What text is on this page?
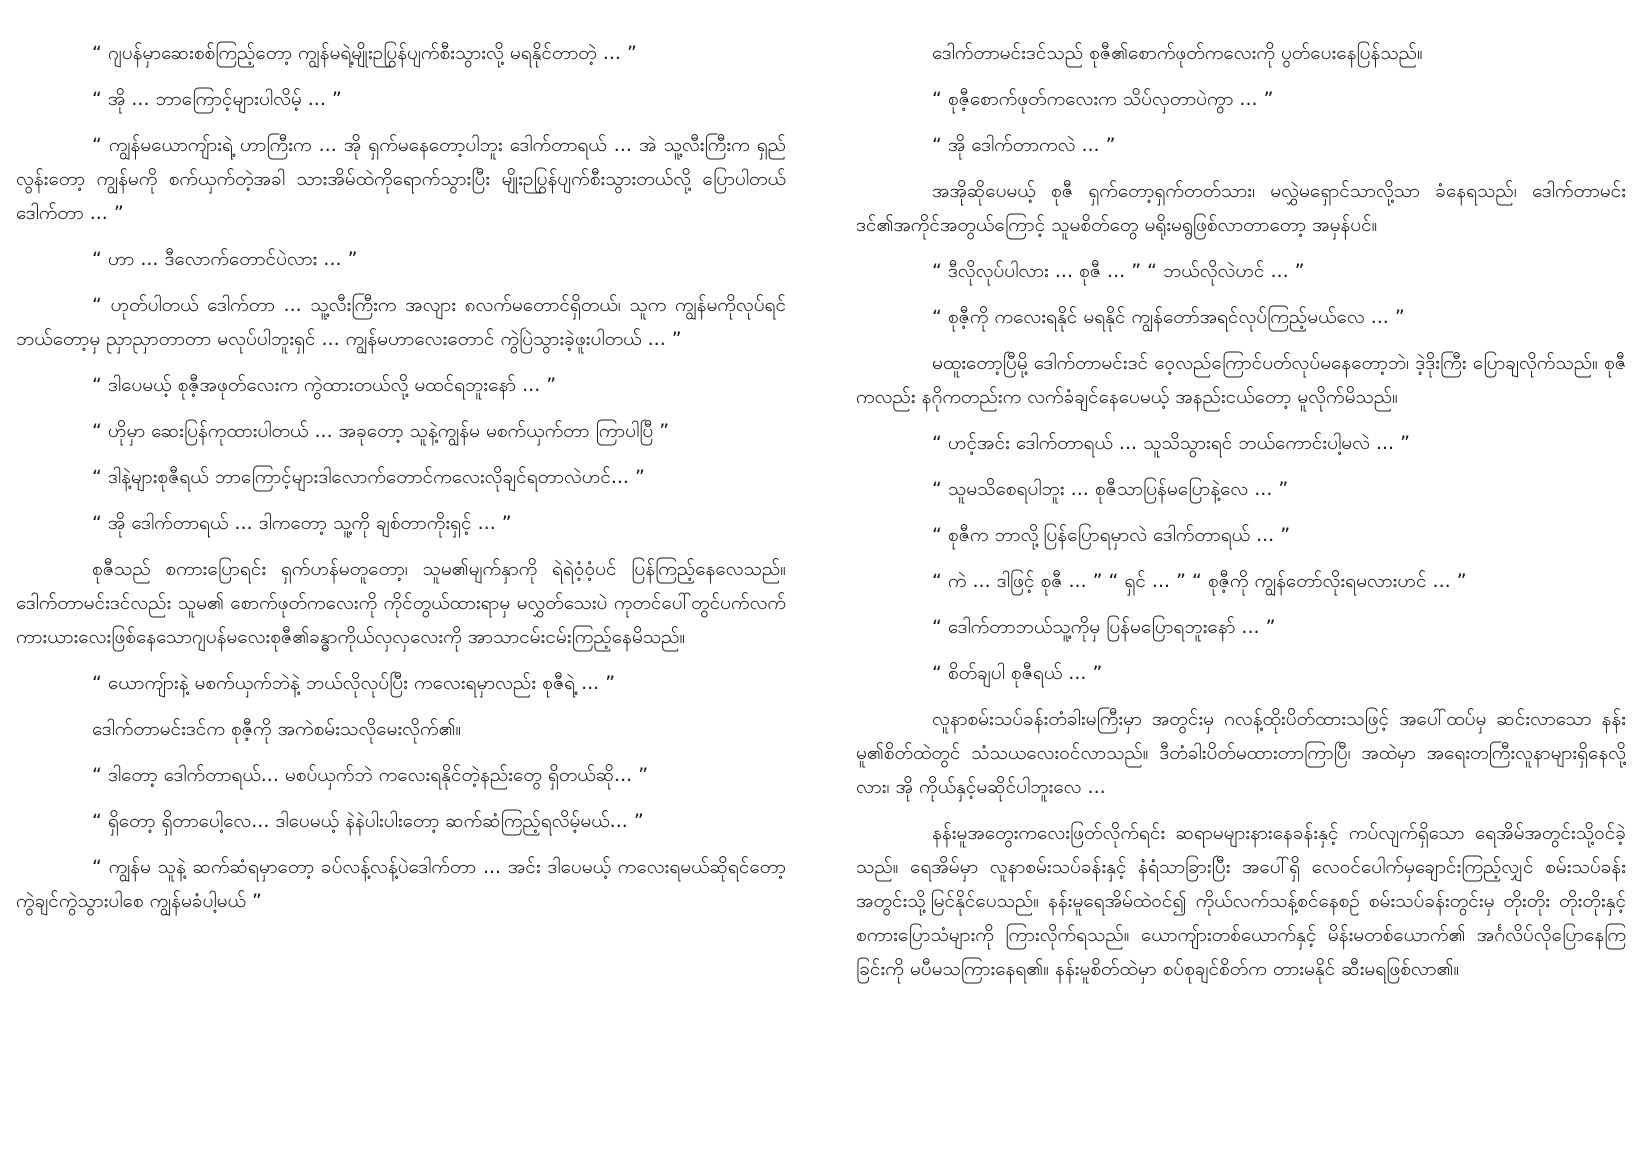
“ ဂျပန်မှာဆေးစစ်ကြည့်တော့ ကျွန်မရဲ့မျိုးဉပြွန်ပျက်စီးသွားလို့ မရနိုင်တာတဲ့ ... ”

“ အို ... ဘာကြောင့်များပါလိမ့် ... ”

“ ကျွန်မယောကျ်ားရဲ့ ဟာကြီးက ... အို ရှက်မနေတော့ပါဘူး ဒေါက်တာရယ် ... အဲ သူ့လီးကြီးက ရှည်လွန်းတော့ ကျွန်မကို စက်ယှက်တဲ့အခါ သားအိမ်ထဲကိုရောက်သွားပြီး မျိုးဉပြွန်ပျက်စီးသွားတယ်လို့ ပြောပါတယ် ဒေါက်တာ ... ”

“ ဟာ ... ဒီလောက်တောင်ပဲလား ... ”

“ ဟုတ်ပါတယ် ဒေါက်တာ ... သူ့လီးကြီးက အလျား ၈လက်မတောင်ရှိတယ်၊ သူက ကျွန်မကိုလုပ်ရင် ဘယ်တော့မှ ညှာညှာတာတာ မလုပ်ပါဘူးရှင် ... ကျွန်မဟာလေးတောင် ကွဲပြဲသွားခဲ့ဖူးပါတယ် ... ”

“ ဒါပေမယ့် စုဇီ့အဖုတ်လေးက ကွဲထားတယ်လို့ မထင်ရဘူးနော် ... ”

“ ဟိုမှာ ဆေးပြန်ကုထားပါတယ် ... အခုတော့ သူနဲ့ကျွန်မ မစက်ယှက်တာ ကြာပါပြီ ”

“ ဒါနဲ့များစုဇီရယ် ဘာကြောင့်များဒါလောက်တောင်ကလေးလိုချင်ရတာလဲဟင်... ”

“ အို ဒေါက်တာရယ် ... ဒါကတော့ သူ့ကို ချစ်တာကိုးရှင့် ... ”

စုဇီသည် စကားပြောရင်း ရှက်ဟန်မတူတော့၊ သူမ၏မျက်နှာကို ရဲရဲဝံ့ဝံ့ပင် ပြန်ကြည့်နေလေသည်။ ဒေါက်တာမင်းဒင်လည်း သူမ၏ စောက်ဖုတ်ကလေးကို ကိုင်တွယ်ထားရာမှ မလွှတ်သေးပဲ ကုတင်ပေါ်တွင်ပက်လက်ကားယားလေးဖြစ်နေသောဂျပန်မလေးစုဇီ၏ခန္ဓာကိုယ်လှလှလေးကို အာသာငမ်းငမ်းကြည့်နေမိသည်။

“ ယောကျ်ားနဲ့ မစက်ယှက်ဘဲနဲ့ ဘယ်လိုလုပ်ပြီး ကလေးရမှာလည်း စုဇီရဲ့ ... ”

ဒေါက်တာမင်းဒင်က စုဇီ့ကို အကဲစမ်းသလိုမေးလိုက်၏။

“ ဒါတော့ ဒေါက်တာရယ်... မစပ်ယှက်ဘဲ ကလေးရနိုင်တဲ့နည်းတွေ ရှိတယ်ဆို... ”

“ ရှိတော့ ရှိတာပေါ့လေ... ဒါပေမယ့် နဲနဲပါးပါးတော့ ဆက်ဆံကြည့်ရလိမ့်မယ်... ”

“ ကျွန်မ သူနဲ့ ဆက်ဆံရမှာတော့ ခပ်လန့်လန့်ပဲဒေါက်တာ ... အင်း ဒါပေမယ့် ကလေးရမယ်ဆိုရင်တော့ ကွဲချင်ကွဲသွားပါစေ ကျွန်မခံပါ့မယ် ”

ဒေါက်တာမင်းဒင်သည် စုဇီ၏စောက်ဖုတ်ကလေးကို ပွတ်ပေးနေပြန်သည်။

“ စုဇီ့စောက်ဖုတ်ကလေးက သိပ်လှတာပဲကွာ ... ”

“ အို ဒေါက်တာကလဲ ... ”

အအိုဆိုပေမယ့် စုဇီ ရှက်တော့ရှက်တတ်သား၊ မလွှဲမရှောင်သာလို့သာ ခံနေရသည်၊ ဒေါက်တာမင်းဒင်၏အကိုင်အတွယ်ကြောင့် သူမစိတ်တွေ မရိုးမရွဖြစ်လာတာတော့ အမှန်ပင်။

“ ဒီလိုလုပ်ပါလား ... စုဇီ ... ” “ ဘယ်လိုလဲဟင် ... ”

“ စုဇီ့ကို ကလေးရနိုင် မရနိုင် ကျွန်တော်အရင်လုပ်ကြည့်မယ်လေ ... ”

မထူးတော့ပြီမို့ ဒေါက်တာမင်းဒင် ဝေ့လည်ကြောင်ပတ်လုပ်မနေတော့ဘဲ၊ ဒဲ့ဒိုးကြီး ပြောချလိုက်သည်။ စုဇီကလည်း နဂိုကတည်းက လက်ခံချင်နေပေမယ့် အနည်းငယ်တော့ မူလိုက်မိသည်။

“ ဟင့်အင်း ဒေါက်တာရယ် ... သူသိသွားရင် ဘယ်ကောင်းပါ့မလဲ ... ”

“ သူမသိစေရပါဘူး ... စုဇီသာပြန်မပြောနဲ့လေ ... ”

“ စုဇီက ဘာလို့ပြန်ပြောရမှာလဲ ဒေါက်တာရယ် ... ”

“ ကဲ ... ဒါဖြင့် စုဇီ ... ” “ ရှင် ... ” “ စုဇီ့ကို ကျွန်တော်လိုးရမလားဟင် ... ”

“ ဒေါက်တာဘယ်သူ့ကိုမှ ပြန်မပြောရဘူးနော် ... ”

“ စိတ်ချပါ စုဇီရယ် ... ”

လူနာစမ်းသပ်ခန်းတံခါးမကြီးမှာ အတွင်းမှ ဂလန့်ထိုးပိတ်ထားသဖြင့် အပေါ်ထပ်မှ ဆင်းလာသော နန်းမူ၏စိတ်ထဲတွင် သံသယလေးဝင်လာသည်။ ဒီတံခါးပိတ်မထားတာကြာပြီ၊ အထဲမှာ အရေးတကြီးလူနာများရှိနေလို့လား၊ အို ကိုယ်နှင့်မဆိုင်ပါဘူးလေ ...

နန်းမူအတွေးကလေးဖြတ်လိုက်ရင်း ဆရာမများနားနေခန်းနှင့် ကပ်လျက်ရှိသော ရေအိမ်အတွင်းသို့ဝင်ခဲ့သည်။ ရေအိမ်မှာ လူနာစမ်းသပ်ခန်းနှင့် နံရံသာခြားပြီး အပေါ်ရှိ လေဝင်ပေါက်မှချောင်းကြည့်လျှင် စမ်းသပ်ခန်းအတွင်းသို့မြင်နိုင်ပေသည်။ နန်းမူရေအိမ်ထဲဝင်၍ ကိုယ်လက်သန့်စင်နေစဉ် စမ်းသပ်ခန်းတွင်းမှ တိုးတိုး တိုးတိုးနှင့် စကားပြောသံများကို ကြားလိုက်ရသည်။ ယောကျ်ားတစ်ယောက်နှင့် မိန်းမတစ်ယောက်၏ အင်္ဂလိပ်လိုပြောနေကြခြင်းကို မပီမသကြားနေရ၏။ နန်းမူစိတ်ထဲမှာ စပ်စုချင်စိတ်က တားမနိုင် ဆီးမရဖြစ်လာ၏။
